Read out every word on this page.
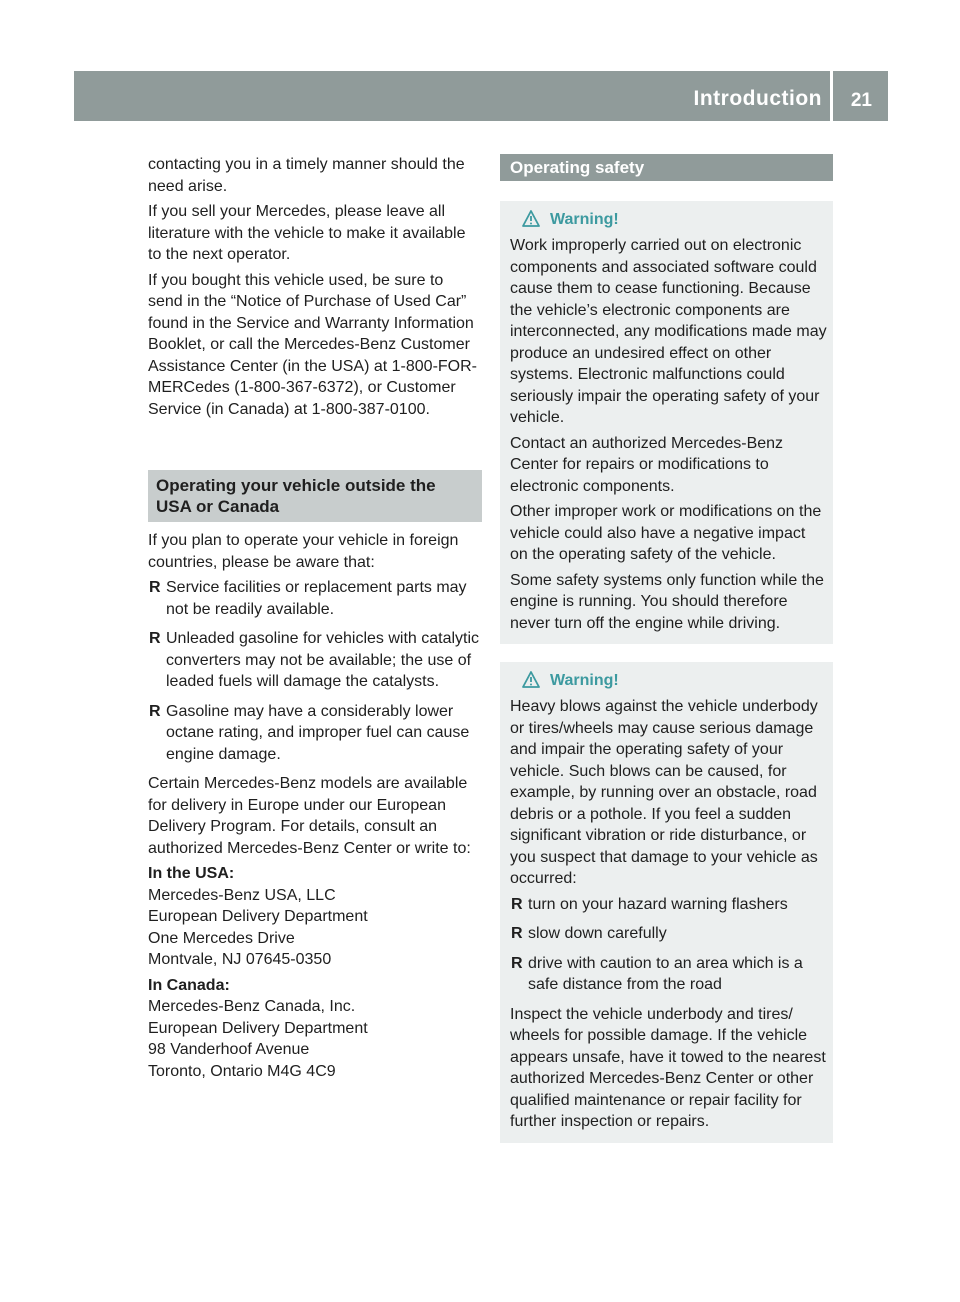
Introduction 21

contacting you in a timely manner should the need arise.

If you sell your Mercedes, please leave all literature with the vehicle to make it available to the next operator.

If you bought this vehicle used, be sure to send in the “Notice of Purchase of Used Car” found in the Service and Warranty Information Booklet, or call the Mercedes-Benz Customer Assistance Center (in the USA) at 1-800-FOR-MERCedes (1-800-367-6372), or Customer Service (in Canada) at 1-800-387-0100.

Operating your vehicle outside the USA or Canada

If you plan to operate your vehicle in foreign countries, please be aware that:

R Service facilities or replacement parts may not be readily available.
R Unleaded gasoline for vehicles with catalytic converters may not be available; the use of leaded fuels will damage the catalysts.
R Gasoline may have a considerably lower octane rating, and improper fuel can cause engine damage.

Certain Mercedes-Benz models are available for delivery in Europe under our European Delivery Program. For details, consult an authorized Mercedes-Benz Center or write to:

In the USA:
Mercedes-Benz USA, LLC
European Delivery Department
One Mercedes Drive
Montvale, NJ 07645-0350
In Canada:
Mercedes-Benz Canada, Inc.
European Delivery Department
98 Vanderhoof Avenue
Toronto, Ontario M4G 4C9
Operating safety
Warning!

Work improperly carried out on electronic components and associated software could cause them to cease functioning. Because the vehicle’s electronic components are interconnected, any modifications made may produce an undesired effect on other systems. Electronic malfunctions could seriously impair the operating safety of your vehicle.

Contact an authorized Mercedes-Benz Center for repairs or modifications to electronic components.

Other improper work or modifications on the vehicle could also have a negative impact on the operating safety of the vehicle.

Some safety systems only function while the engine is running. You should therefore never turn off the engine while driving.

Warning!

Heavy blows against the vehicle underbody or tires/wheels may cause serious damage and impair the operating safety of your vehicle. Such blows can be caused, for example, by running over an obstacle, road debris or a pothole. If you feel a sudden significant vibration or ride disturbance, or you suspect that damage to your vehicle as occurred:

R turn on your hazard warning flashers
R slow down carefully
R drive with caution to an area which is a safe distance from the road

Inspect the vehicle underbody and tires/ wheels for possible damage. If the vehicle appears unsafe, have it towed to the nearest authorized Mercedes-Benz Center or other qualified maintenance or repair facility for further inspection or repairs.
